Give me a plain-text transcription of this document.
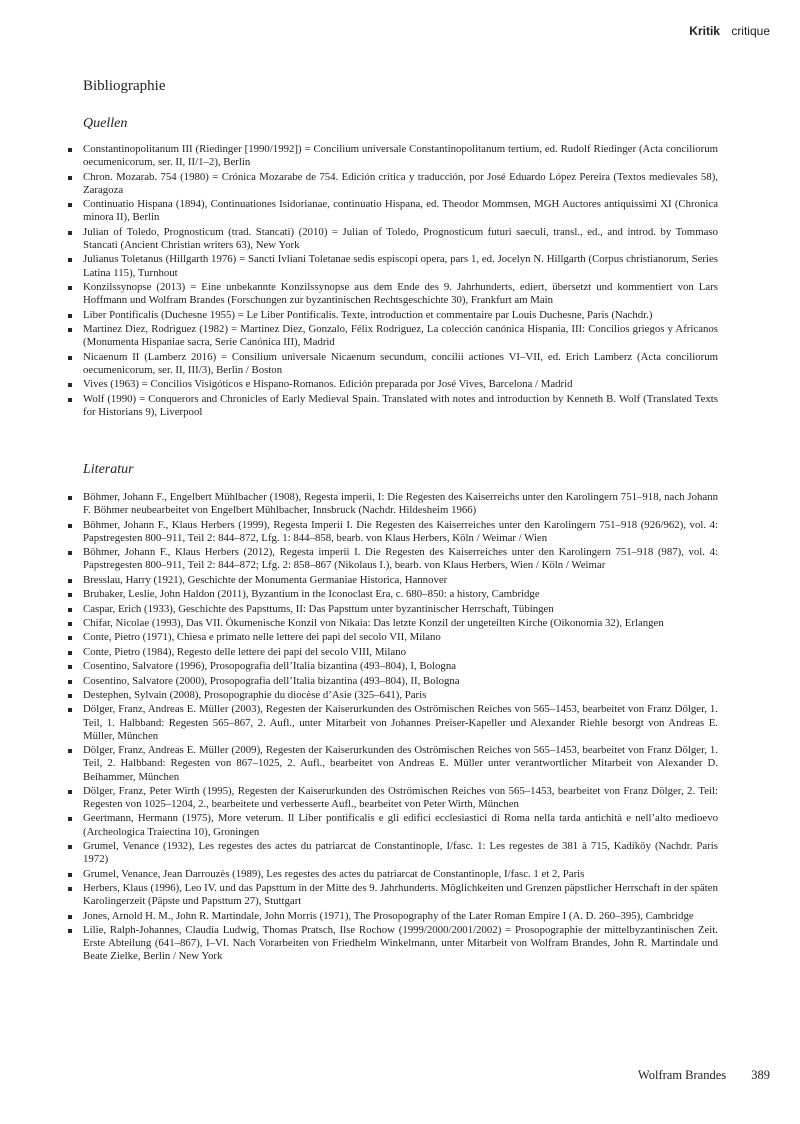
Kritik critique
Bibliographie
Quellen
Constantinopolitanum III (Riedinger [1990/1992]) = Concilium universale Constantinopolitanum tertium, ed. Rudolf Riedinger (Acta conciliorum oecumenicorum, ser. II, II/1–2), Berlin
Chron. Mozarab. 754 (1980) = Crónica Mozarabe de 754. Edición crítica y traducción, por José Eduardo López Pereira (Textos medievales 58), Zaragoza
Continuatio Hispana (1894), Continuationes Isidorianae, continuatio Hispana, ed. Theodor Mommsen, MGH Auctores antiquissimi XI (Chronica minora II), Berlin
Julian of Toledo, Prognosticum (trad. Stancati) (2010) = Julian of Toledo, Prognosticum futuri saeculi, transl., ed., and introd. by Tommaso Stancati (Ancient Christian writers 63), New York
Julianus Toletanus (Hillgarth 1976) = Sancti Ivliani Toletanae sedis espiscopi opera, pars 1, ed. Jocelyn N. Hillgarth (Corpus christianorum, Series Latina 115), Turnhout
Konzilssynopse (2013) = Eine unbekannte Konzilssynopse aus dem Ende des 9. Jahrhunderts, ediert, übersetzt und kommentiert von Lars Hoffmann und Wolfram Brandes (Forschungen zur byzantinischen Rechtsgeschichte 30), Frankfurt am Main
Liber Pontificalis (Duchesne 1955) = Le Liber Pontificalis. Texte, introduction et commentaire par Louis Duchesne, Paris (Nachdr.)
Martinez Diez, Rodriguez (1982) = Martinez Diez, Gonzalo, Félix Rodriguez, La colección canónica Hispania, III: Concilios griegos y Africanos (Monumenta Hispaniae sacra, Serie Canónica III), Madrid
Nicaenum II (Lamberz 2016) = Consilium universale Nicaenum secundum, concilii actiones VI–VII, ed. Erich Lamberz (Acta conciliorum oecumenicorum, ser. II, III/3), Berlin / Boston
Vives (1963) = Concilios Visigóticos e Hispano-Romanos. Edición preparada por José Vives, Barcelona / Madrid
Wolf (1990) = Conquerors and Chronicles of Early Medieval Spain. Translated with notes and introduction by Kenneth B. Wolf (Translated Texts for Historians 9), Liverpool
Literatur
Böhmer, Johann F., Engelbert Mühlbacher (1908), Regesta imperii, I: Die Regesten des Kaiserreichs unter den Karolingern 751–918, nach Johann F. Böhmer neubearbeitet von Engelbert Mühlbacher, Innsbruck (Nachdr. Hildesheim 1966)
Böhmer, Johann F., Klaus Herbers (1999), Regesta Imperii I. Die Regesten des Kaiserreiches unter den Karolingern 751–918 (926/962), vol. 4: Papstregesten 800–911, Teil 2: 844–872, Lfg. 1: 844–858, bearb. von Klaus Herbers, Köln / Weimar / Wien
Böhmer, Johann F., Klaus Herbers (2012), Regesta imperii I. Die Regesten des Kaiserreiches unter den Karolingern 751–918 (987), vol. 4: Papstregesten 800–911, Teil 2: 844–872; Lfg. 2: 858–867 (Nikolaus I.), bearb. von Klaus Herbers, Wien / Köln / Weimar
Bresslau, Harry (1921), Geschichte der Monumenta Germaniae Historica, Hannover
Brubaker, Leslie, John Haldon (2011), Byzantium in the Iconoclast Era, c. 680–850: a history, Cambridge
Caspar, Erich (1933), Geschichte des Papsttums, II: Das Papsttum unter byzantinischer Herrschaft, Tübingen
Chifar, Nicolae (1993), Das VII. Ökumenische Konzil von Nikaia: Das letzte Konzil der ungeteilten Kirche (Oikonomia 32), Erlangen
Conte, Pietro (1971), Chiesa e primato nelle lettere dei papi del secolo VII, Milano
Conte, Pietro (1984), Regesto delle lettere dei papi del secolo VIII, Milano
Cosentino, Salvatore (1996), Prosopografia dell’Italia bizantina (493–804), I, Bologna
Cosentino, Salvatore (2000), Prosopografia dell’Italia bizantina (493–804), II, Bologna
Destephen, Sylvain (2008), Prosopographie du diocèse d’Asie (325–641), Paris
Dölger, Franz, Andreas E. Müller (2003), Regesten der Kaiserurkunden des Oströmischen Reiches von 565–1453, bearbeitet von Franz Dölger, 1. Teil, 1. Halbband: Regesten 565–867, 2. Aufl., unter Mitarbeit von Johannes Preiser-Kapeller und Alexander Riehle besorgt von Andreas E. Müller, München
Dölger, Franz, Andreas E. Müller (2009), Regesten der Kaiserurkunden des Oströmischen Reiches von 565–1453, bearbeitet von Franz Dölger, 1. Teil, 2. Halbband: Regesten von 867–1025, 2. Aufl., bearbeitet von Andreas E. Müller unter verantwortlicher Mitarbeit von Alexander D. Beihammer, München
Dölger, Franz, Peter Wirth (1995), Regesten der Kaiserurkunden des Oströmischen Reiches von 565–1453, bearbeitet von Franz Dölger, 2. Teil: Regesten von 1025–1204, 2., bearbeitete und verbesserte Aufl., bearbeitet von Peter Wirth, München
Geertmann, Hermann (1975), More veterum. Il Liber pontificalis e gli edifici ecclesiastici di Roma nella tarda antichità e nell’alto medioevo (Archeologica Traiectina 10), Groningen
Grumel, Venance (1932), Les regestes des actes du patriarcat de Constantinople, I/fasc. 1: Les regestes de 381 à 715, Kadiköy (Nachdr. Paris 1972)
Grumel, Venance, Jean Darrouzès (1989), Les regestes des actes du patriarcat de Constantinople, I/fasc. 1 et 2, Paris
Herbers, Klaus (1996), Leo IV. und das Papsttum in der Mitte des 9. Jahrhunderts. Möglichkeiten und Grenzen päpstlicher Herrschaft in der späten Karolingerzeit (Päpste und Papsttum 27), Stuttgart
Jones, Arnold H. M., John R. Martindale, John Morris (1971), The Prosopography of the Later Roman Empire I (A. D. 260–395), Cambridge
Lilie, Ralph-Johannes, Claudia Ludwig, Thomas Pratsch, Ilse Rochow (1999/2000/2001/2002) = Prosopographie der mittelbyzantinischen Zeit. Erste Abteilung (641–867), I–VI. Nach Vorarbeiten von Friedhelm Winkelmann, unter Mitarbeit von Wolfram Brandes, John R. Martindale und Beate Zielke, Berlin / New York
Wolfram Brandes 389
